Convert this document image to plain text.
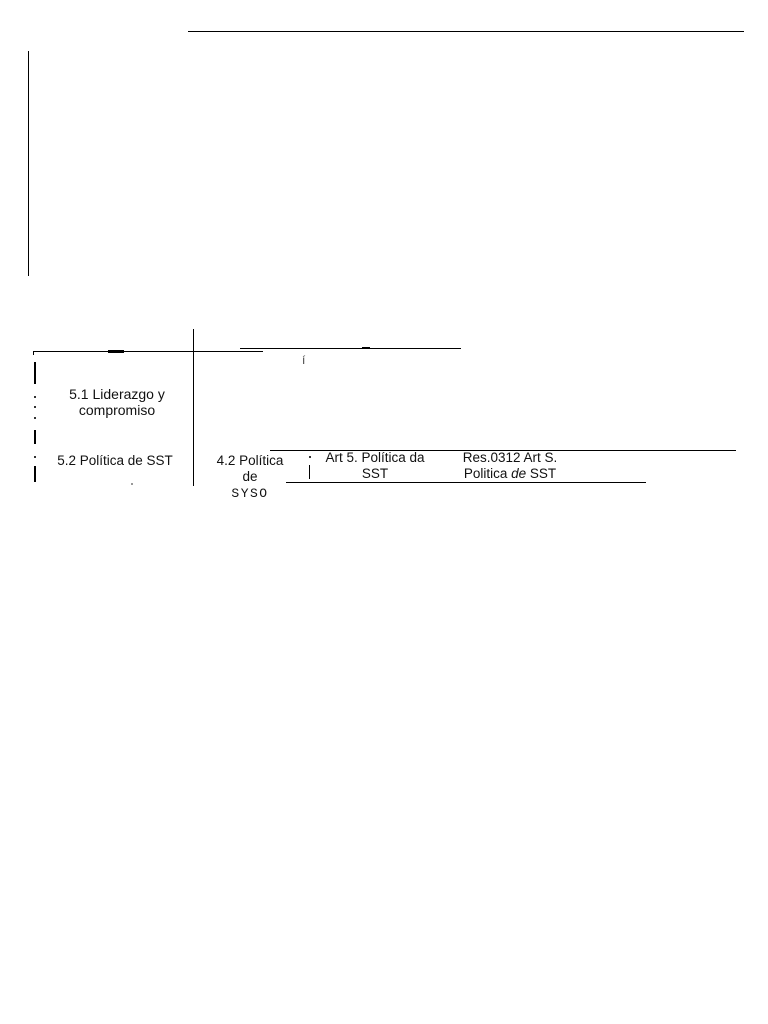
í
5.1 Liderazgo y
compromiso
5.2 Política de SST	4.2 Política
de
SYSO
Art 5. Política da
SST
Res.0312 Art S.
Politica de SST
